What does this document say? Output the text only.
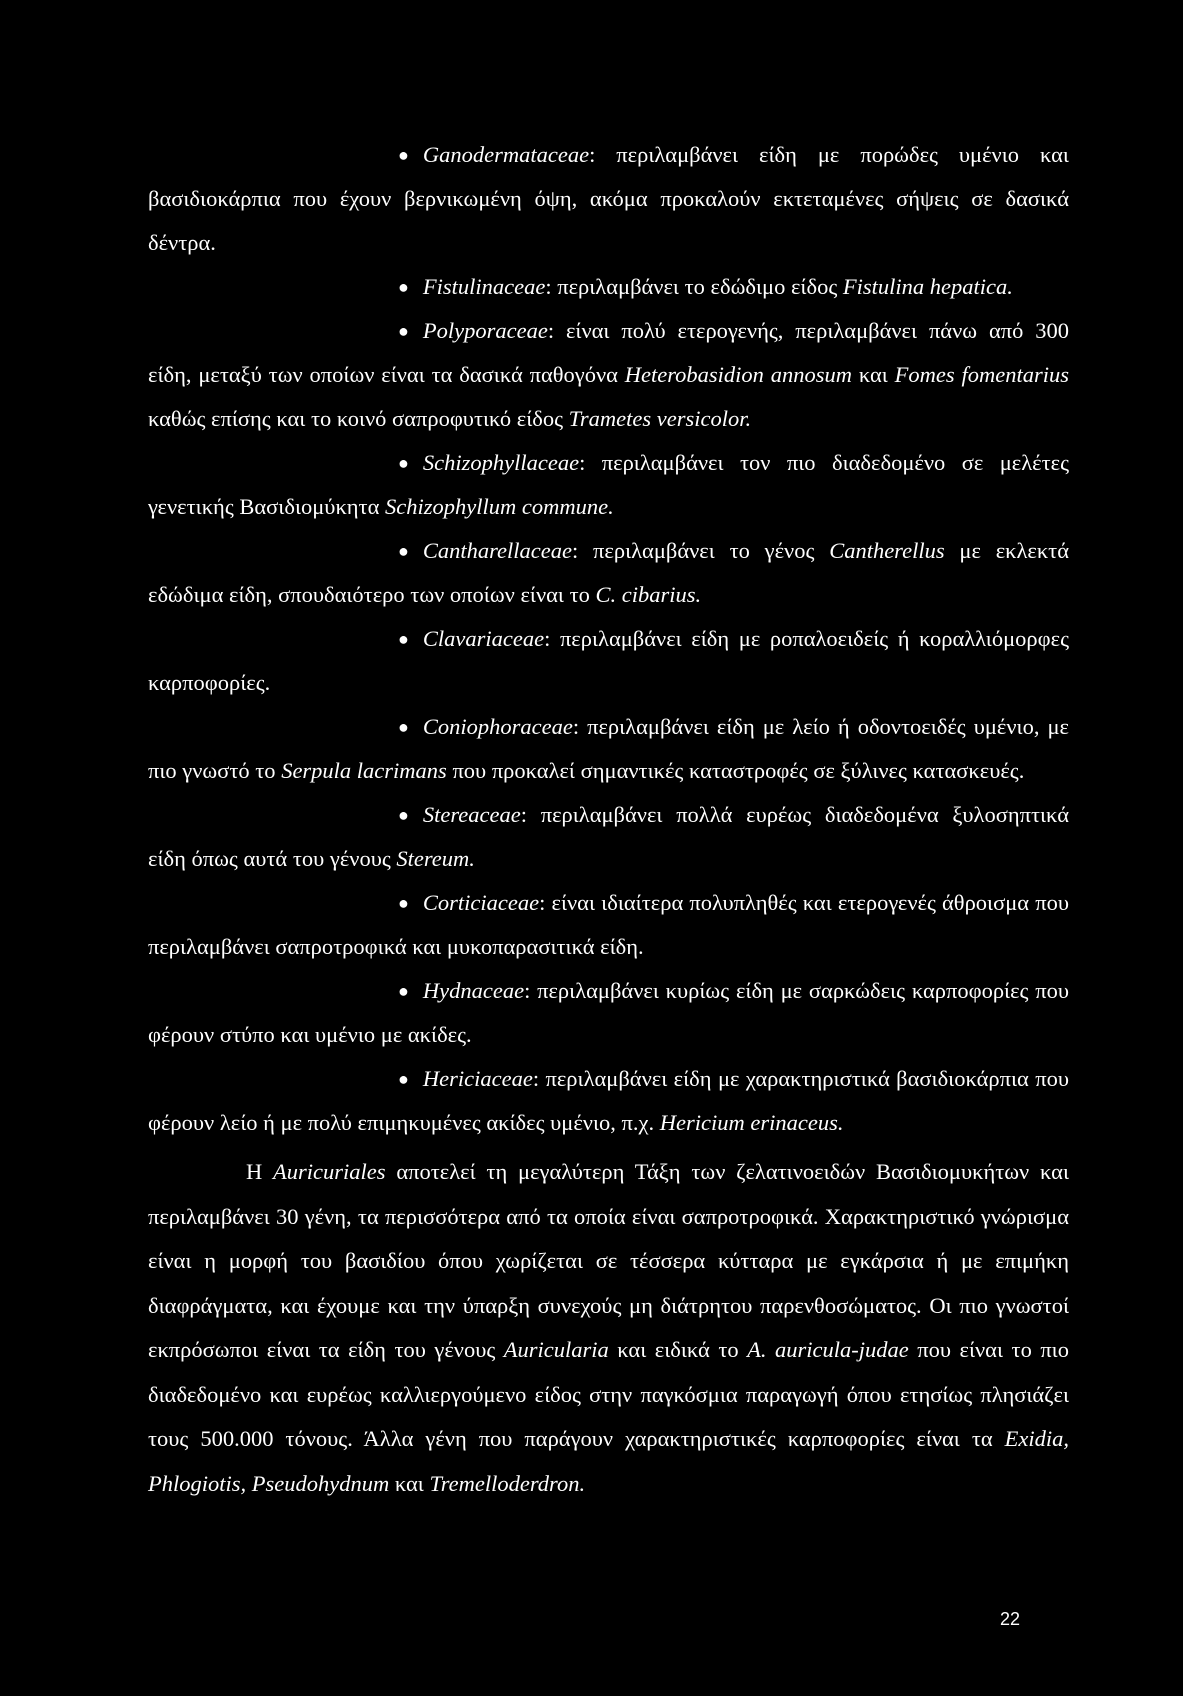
● Ganodermataceae: περιλαμβάνει είδη με πορώδες υμένιο και βασιδιοκάρπια που έχουν βερνικωμένη όψη, ακόμα προκαλούν εκτεταμένες σήψεις σε δασικά δέντρα.

● Fistulinaceae: περιλαμβάνει το εδώδιμο είδος Fistulina hepatica.

● Polyporaceae: είναι πολύ ετερογενής, περιλαμβάνει πάνω από 300 είδη, μεταξύ των οποίων είναι τα δασικά παθογόνα Heterobasidion annosum και Fomes fomentarius καθώς επίσης και το κοινό σαπροφυτικό είδος Trametes versicolor.

● Schizophyllaceae: περιλαμβάνει τον πιο διαδεδομένο σε μελέτες γενετικής Βασιδιομύκητα Schizophyllum commune.

● Cantharellaceae: περιλαμβάνει το γένος Cantherellus με εκλεκτά εδώδιμα είδη, σπουδαιότερο των οποίων είναι το C. cibarius.

● Clavariaceae: περιλαμβάνει είδη με ροπαλοειδείς ή κοραλλιόμορφες καρποφορίες.

● Coniophoraceae: περιλαμβάνει είδη με λείο ή οδοντοειδές υμένιο, με πιο γνωστό το Serpula lacrimans που προκαλεί σημαντικές καταστροφές σε ξύλινες κατασκευές.

● Stereaceae: περιλαμβάνει πολλά ευρέως διαδεδομένα ξυλοσηπτικά είδη όπως αυτά του γένους Stereum.

● Corticiaceae: είναι ιδιαίτερα πολυπληθές και ετερογενές άθροισμα που περιλαμβάνει σαπροτροφικά και μυκοπαρασιτικά είδη.

● Hydnaceae: περιλαμβάνει κυρίως είδη με σαρκώδεις καρποφορίες που φέρουν στύπο και υμένιο με ακίδες.

● Hericiaceae: περιλαμβάνει είδη με χαρακτηριστικά βασιδιοκάρπια που φέρουν λείο ή με πολύ επιμηκυμένες ακίδες υμένιο, π.χ. Hericium erinaceus.

Η Auricuriales αποτελεί τη μεγαλύτερη Τάξη των ζελατινοειδών Βασιδιομυκήτων και περιλαμβάνει 30 γένη, τα περισσότερα από τα οποία είναι σαπροτροφικά. Χαρακτηριστικό γνώρισμα είναι η μορφή του βασιδίου όπου χωρίζεται σε τέσσερα κύτταρα με εγκάρσια ή με επιμήκη διαφράγματα, και έχουμε και την ύπαρξη συνεχούς μη διάτρητου παρενθοσώματος. Οι πιο γνωστοί εκπρόσωποι είναι τα είδη του γένους Auricularia και ειδικά το A. auricula-judae που είναι το πιο διαδεδομένο και ευρέως καλλιεργούμενο είδος στην παγκόσμια παραγωγή όπου ετησίως πλησιάζει τους 500.000 τόνους. Άλλα γένη που παράγουν χαρακτηριστικές καρποφορίες είναι τα Exidia, Phlogiotis, Pseudohydnum και Tremelloderdron.

22
